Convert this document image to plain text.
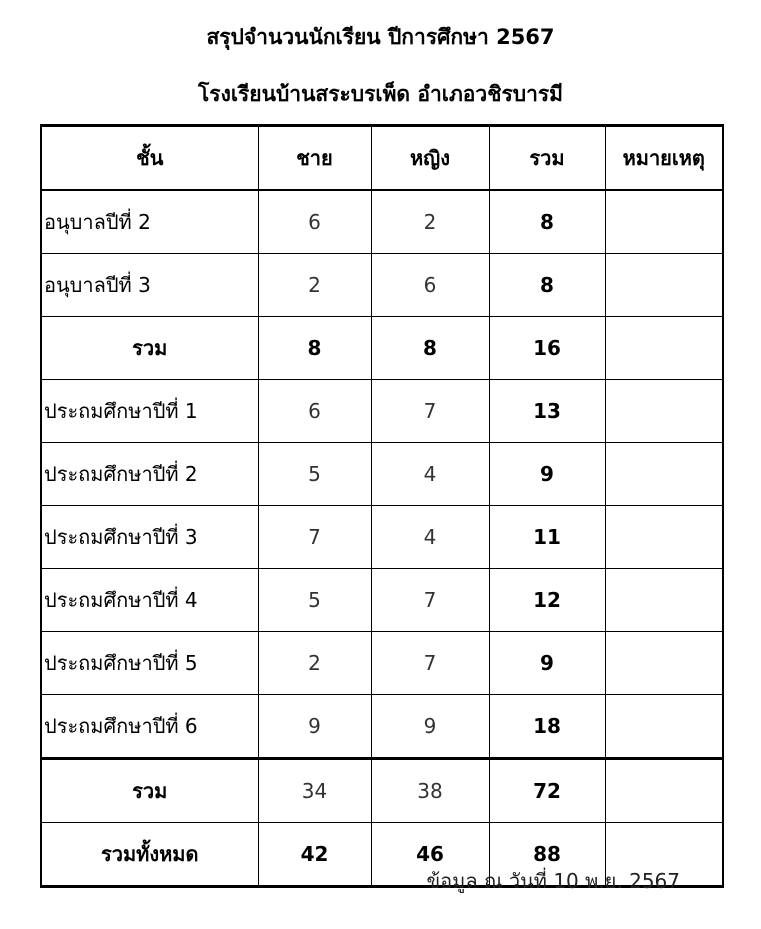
สรุปจำนวนนักเรียน ปีการศึกษา 2567
โรงเรียนบ้านสระบรเพ็ด อำเภอวชิรบารมี
ชั้น	ชาย	หญิง	รวม	หมายเหตุ
อนุบาลปีที่ 2	6	2	8	
อนุบาลปีที่ 3	2	6	8	
รวม	8	8	16	
ประถมศึกษาปีที่ 1	6	7	13	
ประถมศึกษาปีที่ 2	5	4	9	
ประถมศึกษาปีที่ 3	7	4	11	
ประถมศึกษาปีที่ 4	5	7	12	
ประถมศึกษาปีที่ 5	2	7	9	
ประถมศึกษาปีที่ 6	9	9	18	
รวม	34	38	72	
รวมทั้งหมด	42	46	88	
ข้อมูล ณ วันที่ 10 พ.ย. 2567
